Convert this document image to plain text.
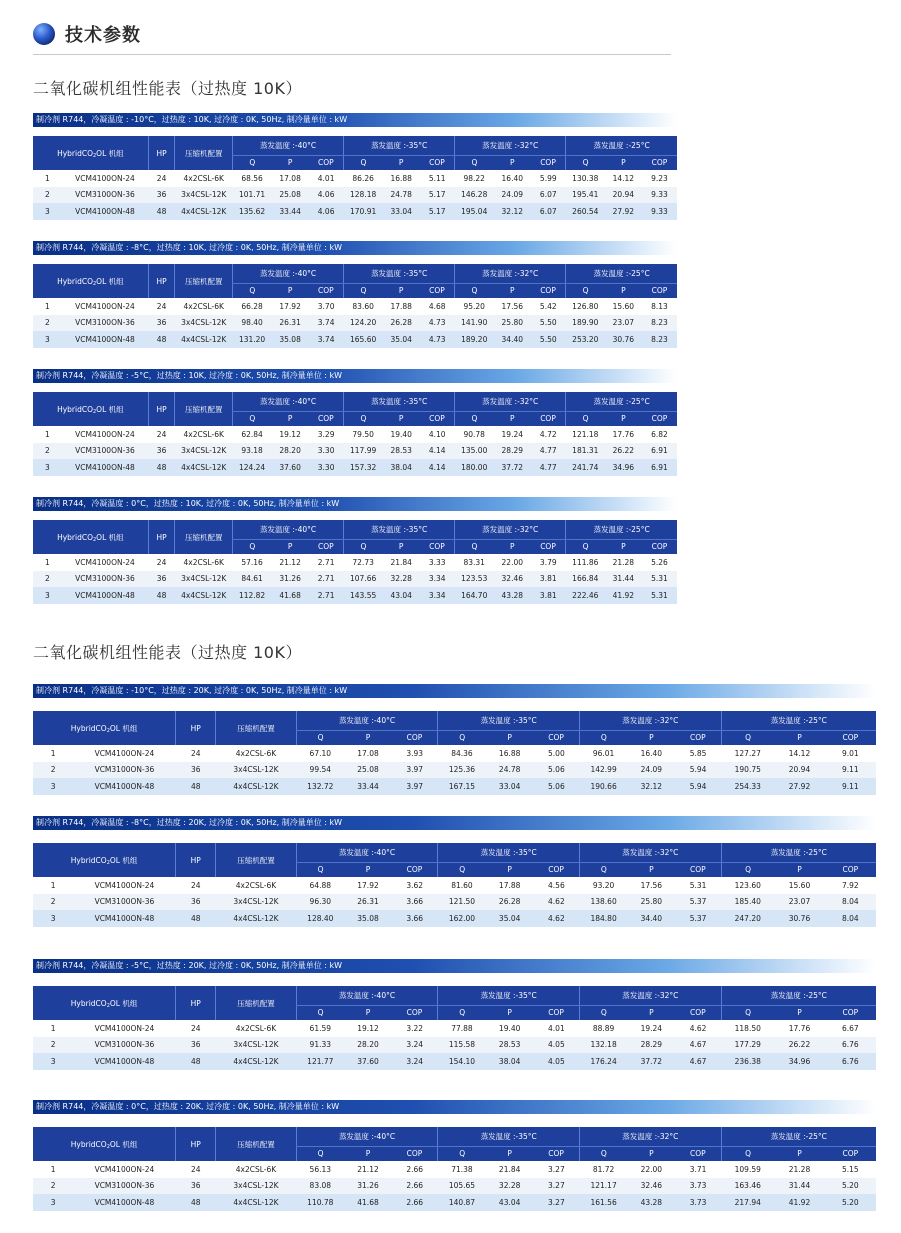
技术参数
二氧化碳机组性能表（过热度 10K）
二氧化碳机组性能表（过热度 10K）
制冷剂 R744，冷凝温度 : -10°C，过热度 : 10K, 过冷度 : 0K, 50Hz, 制冷量单位 : kW
HybridCO$_2$OL 机组		HP	压缩机配置	蒸发温度 :-40°C			蒸发温度 :-35°C			蒸发温度 :-32°C			蒸发温度 :-25°C		
				Q	P	COP	Q	P	COP	Q	P	COP	Q	P	COP
1	VCM4100ON-24	24	4x2CSL-6K	68.56	17.08	4.01	86.26	16.88	5.11	98.22	16.40	5.99	130.38	14.12	9.23
2	VCM3100ON-36	36	3x4CSL-12K	101.71	25.08	4.06	128.18	24.78	5.17	146.28	24.09	6.07	195.41	20.94	9.33
3	VCM4100ON-48	48	4x4CSL-12K	135.62	33.44	4.06	170.91	33.04	5.17	195.04	32.12	6.07	260.54	27.92	9.33
制冷剂 R744，冷凝温度 : -8°C，过热度 : 10K, 过冷度 : 0K, 50Hz, 制冷量单位 : kW
HybridCO$_2$OL 机组		HP	压缩机配置	蒸发温度 :-40°C			蒸发温度 :-35°C			蒸发温度 :-32°C			蒸发温度 :-25°C		
				Q	P	COP	Q	P	COP	Q	P	COP	Q	P	COP
1	VCM4100ON-24	24	4x2CSL-6K	66.28	17.92	3.70	83.60	17.88	4.68	95.20	17.56	5.42	126.80	15.60	8.13
2	VCM3100ON-36	36	3x4CSL-12K	98.40	26.31	3.74	124.20	26.28	4.73	141.90	25.80	5.50	189.90	23.07	8.23
3	VCM4100ON-48	48	4x4CSL-12K	131.20	35.08	3.74	165.60	35.04	4.73	189.20	34.40	5.50	253.20	30.76	8.23
制冷剂 R744，冷凝温度 : -5°C，过热度 : 10K, 过冷度 : 0K, 50Hz, 制冷量单位 : kW
HybridCO$_2$OL 机组		HP	压缩机配置	蒸发温度 :-40°C			蒸发温度 :-35°C			蒸发温度 :-32°C			蒸发温度 :-25°C		
				Q	P	COP	Q	P	COP	Q	P	COP	Q	P	COP
1	VCM4100ON-24	24	4x2CSL-6K	62.84	19.12	3.29	79.50	19.40	4.10	90.78	19.24	4.72	121.18	17.76	6.82
2	VCM3100ON-36	36	3x4CSL-12K	93.18	28.20	3.30	117.99	28.53	4.14	135.00	28.29	4.77	181.31	26.22	6.91
3	VCM4100ON-48	48	4x4CSL-12K	124.24	37.60	3.30	157.32	38.04	4.14	180.00	37.72	4.77	241.74	34.96	6.91
制冷剂 R744，冷凝温度 : 0°C，过热度 : 10K, 过冷度 : 0K, 50Hz, 制冷量单位 : kW
HybridCO$_2$OL 机组		HP	压缩机配置	蒸发温度 :-40°C			蒸发温度 :-35°C			蒸发温度 :-32°C			蒸发温度 :-25°C		
				Q	P	COP	Q	P	COP	Q	P	COP	Q	P	COP
1	VCM4100ON-24	24	4x2CSL-6K	57.16	21.12	2.71	72.73	21.84	3.33	83.31	22.00	3.79	111.86	21.28	5.26
2	VCM3100ON-36	36	3x4CSL-12K	84.61	31.26	2.71	107.66	32.28	3.34	123.53	32.46	3.81	166.84	31.44	5.31
3	VCM4100ON-48	48	4x4CSL-12K	112.82	41.68	2.71	143.55	43.04	3.34	164.70	43.28	3.81	222.46	41.92	5.31
制冷剂 R744，冷凝温度 : -10°C，过热度 : 20K, 过冷度 : 0K, 50Hz, 制冷量单位 : kW
HybridCO$_2$OL 机组		HP	压缩机配置	蒸发温度 :-40°C			蒸发温度 :-35°C			蒸发温度 :-32°C			蒸发温度 :-25°C		
				Q	P	COP	Q	P	COP	Q	P	COP	Q	P	COP
1	VCM4100ON-24	24	4x2CSL-6K	67.10	17.08	3.93	84.36	16.88	5.00	96.01	16.40	5.85	127.27	14.12	9.01
2	VCM3100ON-36	36	3x4CSL-12K	99.54	25.08	3.97	125.36	24.78	5.06	142.99	24.09	5.94	190.75	20.94	9.11
3	VCM4100ON-48	48	4x4CSL-12K	132.72	33.44	3.97	167.15	33.04	5.06	190.66	32.12	5.94	254.33	27.92	9.11
制冷剂 R744，冷凝温度 : -8°C，过热度 : 20K, 过冷度 : 0K, 50Hz, 制冷量单位 : kW
HybridCO$_2$OL 机组		HP	压缩机配置	蒸发温度 :-40°C			蒸发温度 :-35°C			蒸发温度 :-32°C			蒸发温度 :-25°C		
				Q	P	COP	Q	P	COP	Q	P	COP	Q	P	COP
1	VCM4100ON-24	24	4x2CSL-6K	64.88	17.92	3.62	81.60	17.88	4.56	93.20	17.56	5.31	123.60	15.60	7.92
2	VCM3100ON-36	36	3x4CSL-12K	96.30	26.31	3.66	121.50	26.28	4.62	138.60	25.80	5.37	185.40	23.07	8.04
3	VCM4100ON-48	48	4x4CSL-12K	128.40	35.08	3.66	162.00	35.04	4.62	184.80	34.40	5.37	247.20	30.76	8.04
制冷剂 R744，冷凝温度 : -5°C，过热度 : 20K, 过冷度 : 0K, 50Hz, 制冷量单位 : kW
HybridCO$_2$OL 机组		HP	压缩机配置	蒸发温度 :-40°C			蒸发温度 :-35°C			蒸发温度 :-32°C			蒸发温度 :-25°C		
				Q	P	COP	Q	P	COP	Q	P	COP	Q	P	COP
1	VCM4100ON-24	24	4x2CSL-6K	61.59	19.12	3.22	77.88	19.40	4.01	88.89	19.24	4.62	118.50	17.76	6.67
2	VCM3100ON-36	36	3x4CSL-12K	91.33	28.20	3.24	115.58	28.53	4.05	132.18	28.29	4.67	177.29	26.22	6.76
3	VCM4100ON-48	48	4x4CSL-12K	121.77	37.60	3.24	154.10	38.04	4.05	176.24	37.72	4.67	236.38	34.96	6.76
制冷剂 R744，冷凝温度 : 0°C，过热度 : 20K, 过冷度 : 0K, 50Hz, 制冷量单位 : kW
HybridCO$_2$OL 机组		HP	压缩机配置	蒸发温度 :-40°C			蒸发温度 :-35°C			蒸发温度 :-32°C			蒸发温度 :-25°C		
				Q	P	COP	Q	P	COP	Q	P	COP	Q	P	COP
1	VCM4100ON-24	24	4x2CSL-6K	56.13	21.12	2.66	71.38	21.84	3.27	81.72	22.00	3.71	109.59	21.28	5.15
2	VCM3100ON-36	36	3x4CSL-12K	83.08	31.26	2.66	105.65	32.28	3.27	121.17	32.46	3.73	163.46	31.44	5.20
3	VCM4100ON-48	48	4x4CSL-12K	110.78	41.68	2.66	140.87	43.04	3.27	161.56	43.28	3.73	217.94	41.92	5.20
